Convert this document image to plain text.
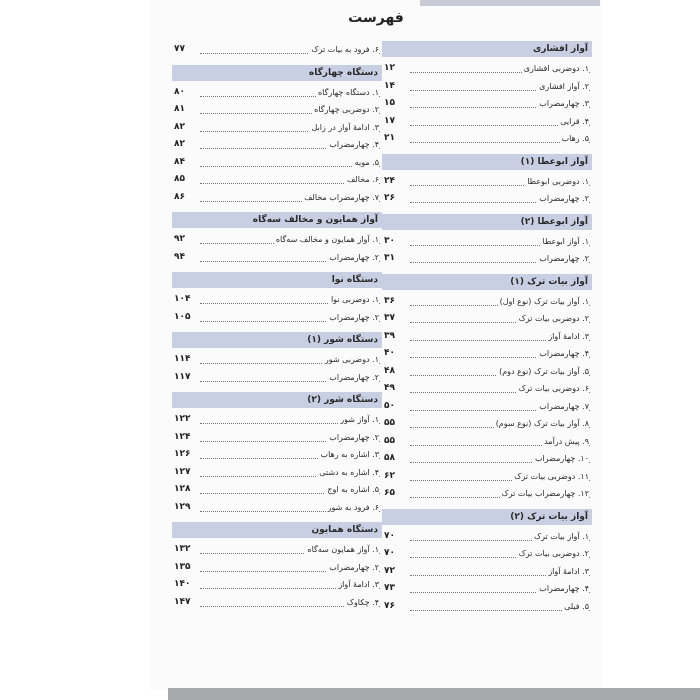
فهرست
آواز افشاری
۱. دوضربی افشاری
۱۲
۲. آواز افشاری
۱۴
۳. چهارمضراب
۱۵
۴. قرایی
۱۷
۵. رهاب
۲۱
آواز ابوعطا (۱)
۱. دوضربی ابوعطا
۲۴
۲. چهارمضراب
۲۶
آواز ابوعطا (۲)
۱. آواز ابوعطا
۳۰
۲. چهارمضراب
۳۱
آواز بیات ترک (۱)
۱. آواز بیات ترک (نوع اول)
۳۶
۲. دوضربی بیات ترک
۳۷
۳. ادامهٔ آواز
۳۹
۴. چهارمضراب
۴۰
۵. آواز بیات ترک (نوع دوم)
۴۸
۶. دوضربی بیات ترک
۴۹
۷. چهارمضراب
۵۰
۸. آواز بیات ترک (نوع سوم)
۵۵
۹. پیش درآمد
۵۵
۱۰. چهارمضراب
۵۸
۱۱. دوضربی بیات ترک
۶۲
۱۲. چهارمضراب بیات ترک
۶۵
آواز بیات ترک (۲)
۱. آواز بیات ترک
۷۰
۲. دوضربی بیات ترک
۷۰
۳. ادامهٔ آواز
۷۲
۴. چهارمضراب
۷۳
۵. فیلی
۷۶
۶. فرود به بیات ترک
۷۷
دستگاه چهارگاه
۱. دستگاه چهارگاه
۸۰
۲. دوضربی چهارگاه
۸۱
۳. ادامهٔ آواز در زابل
۸۲
۴. چهارمضراب
۸۲
۵. مویه
۸۴
۶. مخالف
۸۵
۷. چهارمضراب مخالف
۸۶
آواز همایون و مخالف سه‌گاه
۱. آواز همایون و مخالف سه‌گاه
۹۲
۲. چهارمضراب
۹۴
دستگاه نوا
۱. دوضربی نوا
۱۰۴
۲. چهارمضراب
۱۰۵
دستگاه شور (۱)
۱. دوضربی شور
۱۱۴
۲. چهارمضراب
۱۱۷
دستگاه شور (۲)
۱. آواز شور
۱۲۲
۲. چهارمضراب
۱۲۴
۳. اشاره به رهاب
۱۲۶
۴. اشاره به دشتی
۱۲۷
۵. اشاره به اوج
۱۲۸
۶. فرود به شور
۱۲۹
دستگاه همایون
۱. آواز همایون سه‌گاه
۱۳۲
۲. چهارمضراب
۱۳۵
۳. ادامهٔ آواز
۱۴۰
۴. چکاوک
۱۴۷
